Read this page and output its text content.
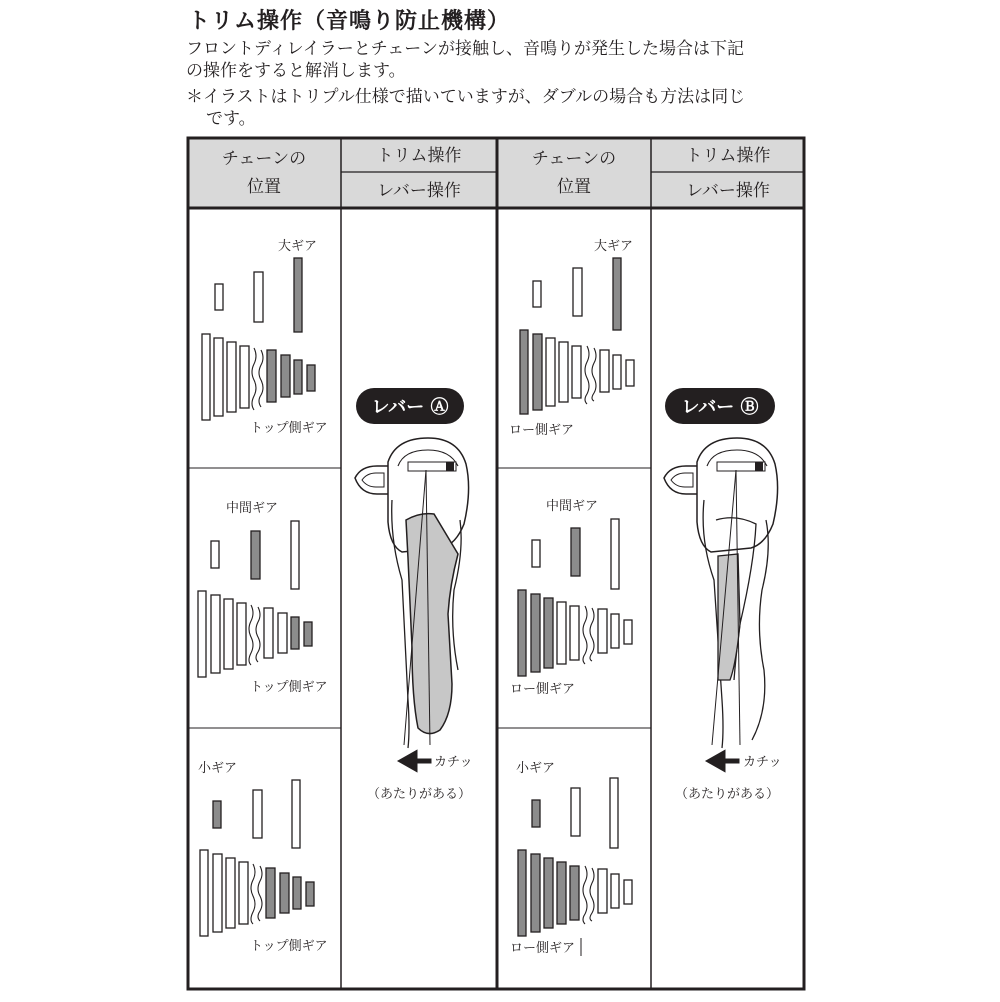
トリム操作（音鳴り防止機構）
フロントディレイラーとチェーンが接触し、音鳴りが発生した場合は下記
の操作をすると解消します。
＊イラストはトリプル仕様で描いていますが、ダブルの場合も方法は同じ
です。
チェーンの
位置
トリム操作
レバー操作
チェーンの
位置
トリム操作
レバー操作
大ギア
トップ側ギア
中間ギア
トップ側ギア
小ギア
トップ側ギア
レバー Ⓐ
カチッ
（あたりがある）
大ギア
ロー側ギア
中間ギア
ロー側ギア
小ギア
ロー側ギア
レバー Ⓑ
カチッ
（あたりがある）
